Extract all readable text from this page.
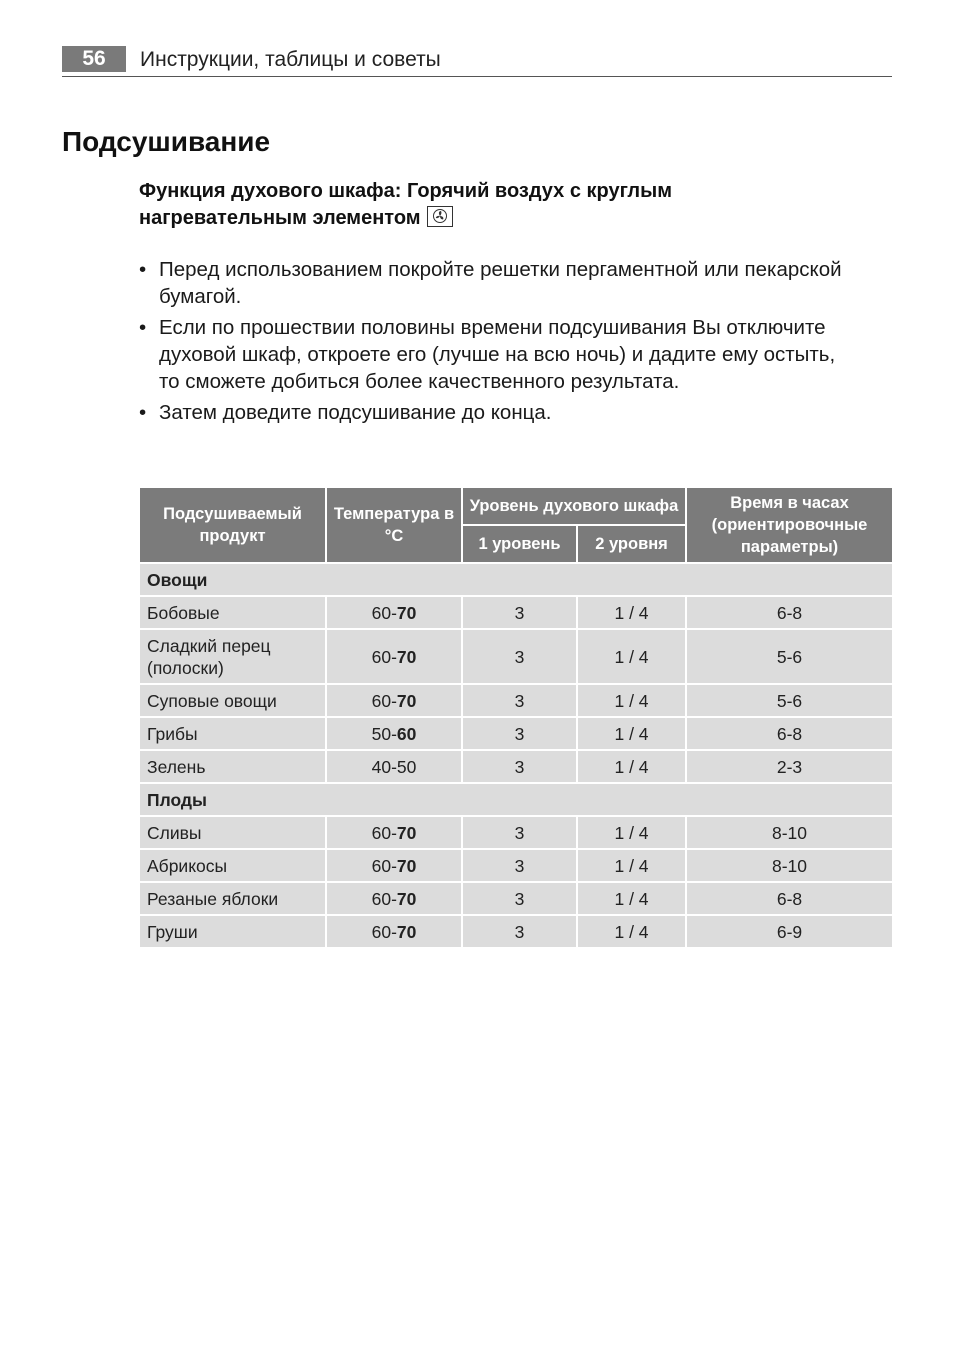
56	Инструкции, таблицы и советы
Подсушивание
Функция духового шкафа: Горячий воздух с круглым
нагревательным элементом
• Перед использованием покройте решетки пергаментной или пекарской бумагой.
• Если по прошествии половины времени подсушивания Вы отключите духовой шкаф, откроете его (лучше на всю ночь) и дадите ему остыть, то сможете добиться более качественного результата.
• Затем доведите подсушивание до конца.
Подсушиваемый продукт	Температура в °C	Уровень духового шкафа		Время в часах (ориентировочные параметры)
		1 уровень	2 уровня	
Овощи				
Бобовые	60-70	3	1 / 4	6-8
Сладкий перец (полоски)	60-70	3	1 / 4	5-6
Суповые овощи	60-70	3	1 / 4	5-6
Грибы	50-60	3	1 / 4	6-8
Зелень	40-50	3	1 / 4	2-3
Плоды				
Сливы	60-70	3	1 / 4	8-10
Абрикосы	60-70	3	1 / 4	8-10
Резаные яблоки	60-70	3	1 / 4	6-8
Груши	60-70	3	1 / 4	6-9
